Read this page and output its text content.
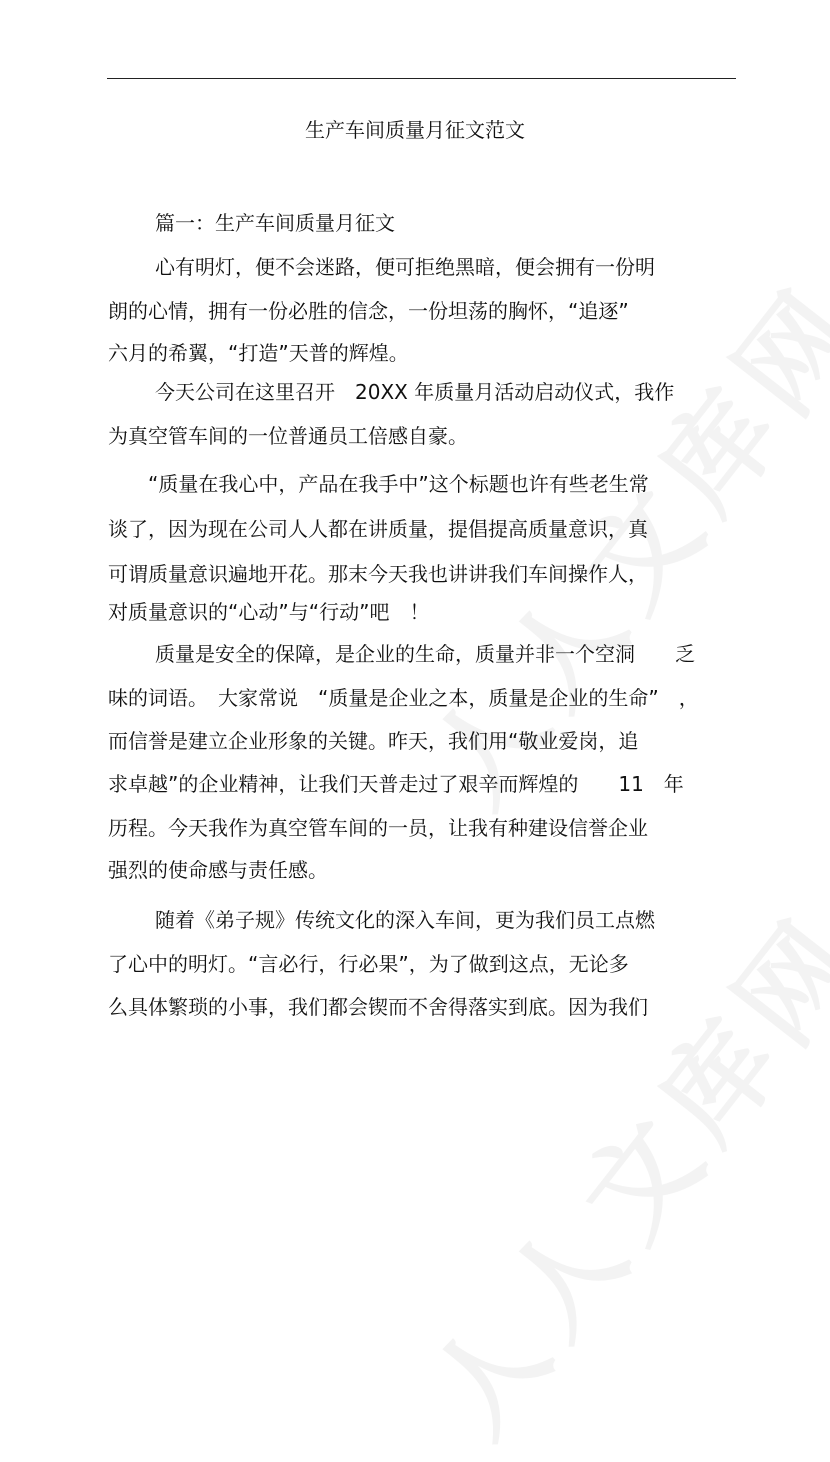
生产车间质量月征文范文
篇一：生产车间质量月征文
心有明灯，便不会迷路，便可拒绝黑暗，便会拥有一份明
朗的心情，拥有一份必胜的信念，一份坦荡的胸怀，“追逐”
六月的希翼，“打造”天普的辉煌。
今天公司在这里召开　20XX 年质量月活动启动仪式，我作
为真空管车间的一位普通员工倍感自豪。
“质量在我心中，产品在我手中”这个标题也许有些老生常
谈了，因为现在公司人人都在讲质量，提倡提高质量意识，真
可谓质量意识遍地开花。那末今天我也讲讲我们车间操作人，
对质量意识的“心动”与“行动”吧　！
质量是安全的保障，是企业的生命，质量并非一个空洞　　乏
味的词语。　大家常说　“质量是企业之本，质量是企业的生命”　，
而信誉是建立企业形象的关键。昨天，我们用“敬业爱岗，追
求卓越”的企业精神，让我们天普走过了艰辛而辉煌的　　11　年
历程。今天我作为真空管车间的一员，让我有种建设信誉企业
强烈的使命感与责任感。
随着《弟子规》传统文化的深入车间，更为我们员工点燃
了心中的明灯。“言必行，行必果”，为了做到这点，无论多
么具体繁琐的小事，我们都会锲而不舍得落实到底。因为我们
